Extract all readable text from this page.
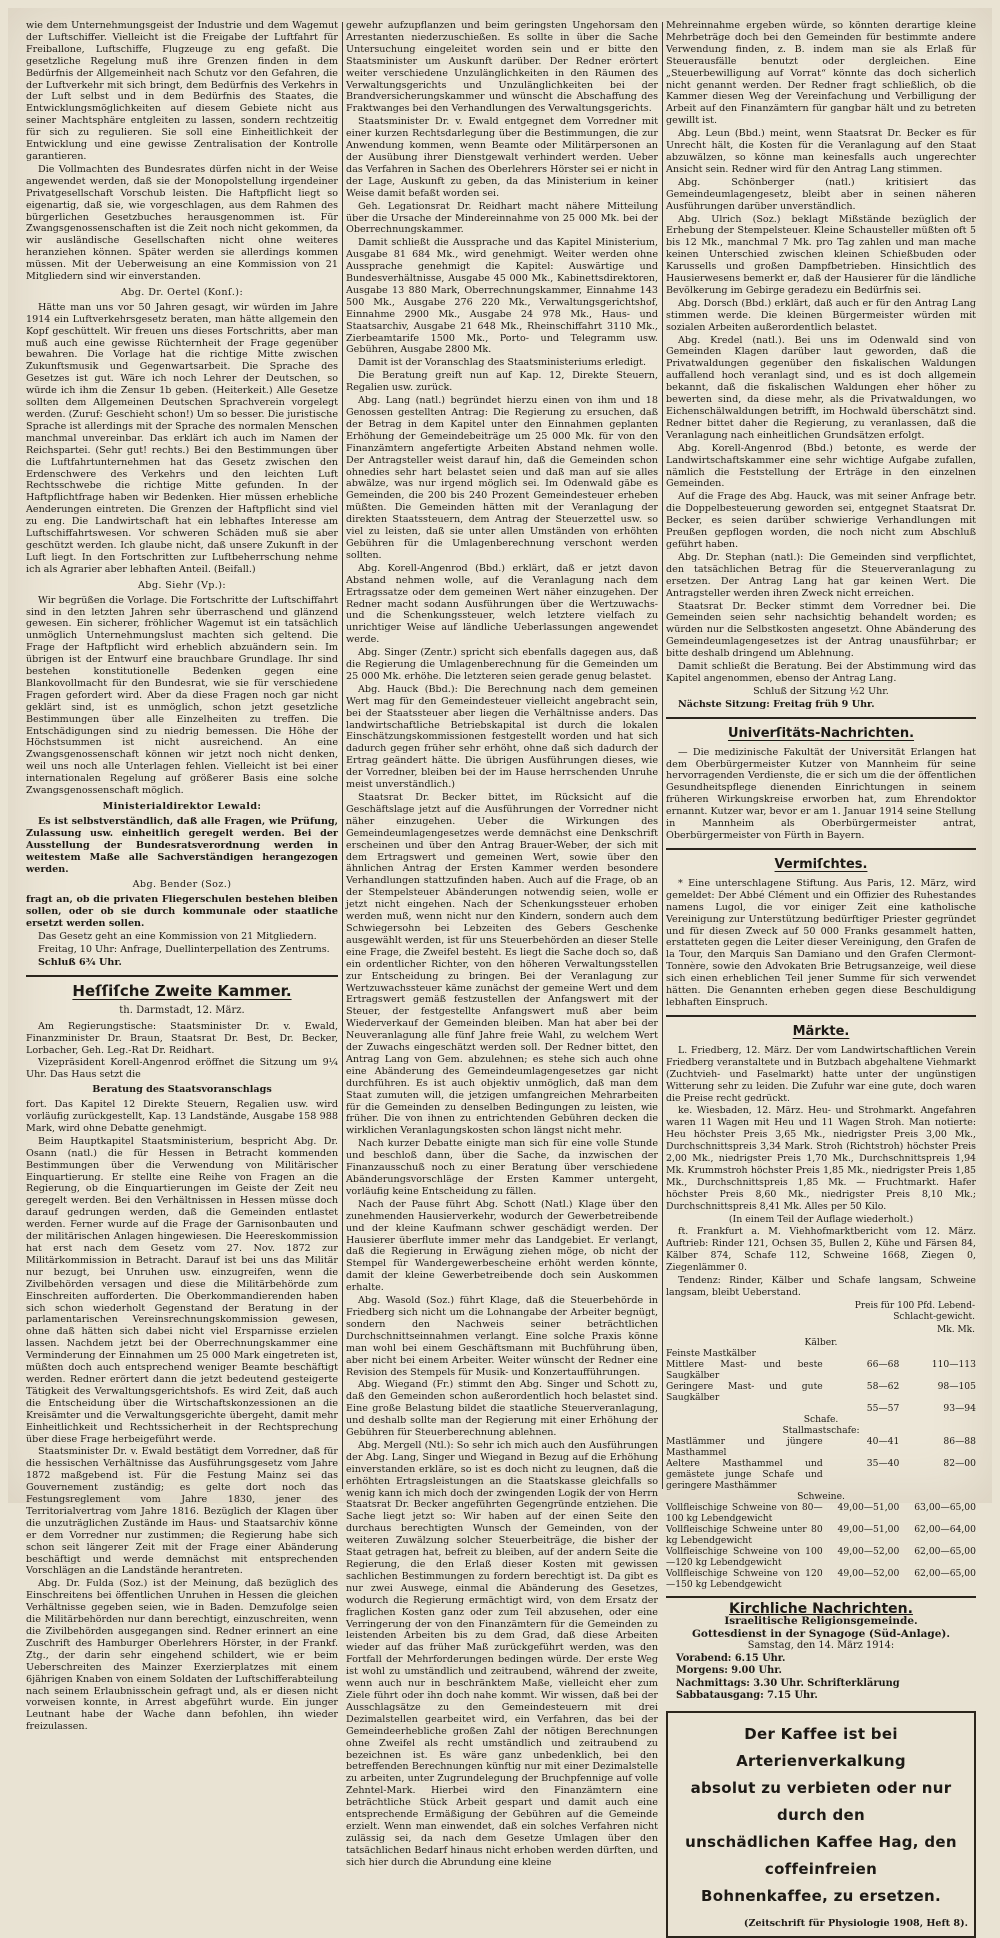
wie dem Unternehmungsgeist der Industrie und dem Wagemut der Luftschiffer. Vielleicht ist die Freigabe der Luftfahrt für Freiballone, Luftschiffe, Flugzeuge zu eng gefaßt. Die gesetzliche Regelung muß ihre Grenzen finden in dem Bedürfnis der Allgemeinheit nach Schutz vor den Gefahren, die der Luftverkehr mit sich bringt, dem Bedürfnis des Verkehrs in der Luft selbst und in dem Bedürfnis des Staates, die Entwicklungsmöglichkeiten auf diesem Gebiete nicht aus seiner Machtsphäre entgleiten zu lassen, sondern rechtzeitig für sich zu regulieren. Sie soll eine Einheitlichkeit der Entwicklung und eine gewisse Zentralisation der Kontrolle garantieren.

Die Vollmachten des Bundesrates dürfen nicht in der Weise angewendet werden, daß sie der Monopolstellung irgendeiner Privatgesellschaft Vorschub leisten. Die Haftpflicht liegt so eigenartig, daß sie, wie vorgeschlagen, aus dem Rahmen des bürgerlichen Gesetzbuches herausgenommen ist. Für Zwangsgenossenschaften ist die Zeit noch nicht gekommen, da wir ausländische Gesellschaften nicht ohne weiteres heranziehen können. Später werden sie allerdings kommen müssen. Mit der Ueberweisung an eine Kommission von 21 Mitgliedern sind wir einverstanden.

Abg. Dr. Oertel (Konſ.):

Hätte man uns vor 50 Jahren gesagt, wir würden im Jahre 1914 ein Luftverkehrsgesetz beraten, man hätte allgemein den Kopf geschüttelt. Wir freuen uns dieses Fortschritts, aber man muß auch eine gewisse Rüchternheit der Frage gegenüber bewahren. Die Vorlage hat die richtige Mitte zwischen Zukunftsmusik und Gegenwartsarbeit. Die Sprache des Gesetzes ist gut. Wäre ich noch Lehrer der Deutschen, so würde ich ihm die Zensur 1b geben. (Heiterkeit.) Alle Gesetze sollten dem Allgemeinen Deutschen Sprachverein vorgelegt werden. (Zuruf: Geschieht schon!) Um so besser. Die juristische Sprache ist allerdings mit der Sprache des normalen Menschen manchmal unvereinbar. Das erklärt ich auch im Namen der Reichspartei. (Sehr gut! rechts.) Bei den Bestimmungen über die Luftfahrtunternehmen hat das Gesetz zwischen den Erdenschwere des Verkehrs und den leichten Luft Rechtsschwebe die richtige Mitte gefunden. In der Haftpflichtfrage haben wir Bedenken. Hier müssen erhebliche Aenderungen eintreten. Die Grenzen der Haftpflicht sind viel zu eng. Die Landwirtschaft hat ein lebhaftes Interesse am Luftschiffahrtswesen. Vor schweren Schäden muß sie aber geschützt werden. Ich glaube nicht, daß unsere Zukunft in der Luft liegt. In den Fortschritten zur Luftbeherrschung nehme ich als Agrarier aber lebhaften Anteil. (Beifall.)

Abg. Siehr (Vp.):

Wir begrüßen die Vorlage. Die Fortschritte der Luftschiffahrt sind in den letzten Jahren sehr überraschend und glänzend gewesen. Ein sicherer, fröhlicher Wagemut ist ein tatsächlich unmöglich Unternehmungslust machten sich geltend. Die Frage der Haftpflicht wird erheblich abzuändern sein. Im übrigen ist der Entwurf eine brauchbare Grundlage. Ihr sind bestehen konstitutionelle Bedenken gegen eine Blankovollmacht für den Bundesrat, wie sie für verschiedene Fragen gefordert wird. Aber da diese Fragen noch gar nicht geklärt sind, ist es unmöglich, schon jetzt gesetzliche Bestimmungen über alle Einzelheiten zu treffen. Die Entschädigungen sind zu niedrig bemessen. Die Höhe der Höchstsummen ist nicht ausreichend. An eine Zwangsgenossenschaft können wir jetzt noch nicht denken, weil uns noch alle Unterlagen fehlen. Vielleicht ist bei einer internationalen Regelung auf größerer Basis eine solche Zwangsgenossenschaft möglich.

Ministerialdirektor Lewald:

Es ist selbstverständlich, daß alle Fragen, wie Prüfung, Zulassung usw. einheitlich geregelt werden. Bei der Ausstellung der Bundesratsverordnung werden in weitestem Maße alle Sachverständigen herangezogen werden.

Abg. Bender (Soz.)

fragt an, ob die privaten Fliegerschulen bestehen bleiben sollen, oder ob sie durch kommunale oder staatliche ersetzt werden sollen.

Das Gesetz geht an eine Kommission von 21 Mitgliedern.

Freitag, 10 Uhr: Anfrage, Duellinterpellation des Zentrums.

Schluß 6¾ Uhr.

Heſſiſche Zweite Kammer.
th. Darmstadt, 12. März.

Am Regierungstische: Staatsminister Dr. v. Ewald, Finanzminister Dr. Braun, Staatsrat Dr. Best, Dr. Becker, Lorbacher, Geh. Leg.-Rat Dr. Reidhart.

Vizepräsident Korell-Angenrod eröffnet die Sitzung um 9¼ Uhr. Das Haus setzt die

Beratung des Staatsvoranschlags

fort. Das Kapitel 12 Direkte Steuern, Regalien usw. wird vorläufig zurückgestellt, Kap. 13 Landstände, Ausgabe 158 988 Mark, wird ohne Debatte genehmigt.

Beim Hauptkapitel Staatsministerium, bespricht Abg. Dr. Osann (natl.) die für Hessen in Betracht kommenden Bestimmungen über die Verwendung von Militärischer Einquartierung. Er stellte eine Reihe von Fragen an die Regierung, ob die Einquartierungen im Geiste der Zeit neu geregelt werden. Bei den Verhältnissen in Hessen müsse doch darauf gedrungen werden, daß die Gemeinden entlastet werden. Ferner wurde auf die Frage der Garnisonbauten und der militärischen Anlagen hingewiesen. Die Heereskommission hat erst nach dem Gesetz vom 27. Nov. 1872 zur Militärkommission in Betracht. Darauf ist bei uns das Militär nur bezugt, bei Unruhen usw. einzugreifen, wenn die Zivilbehörden versagen und diese die Militärbehörde zum Einschreiten aufforderten. Die Oberkommandierenden haben sich schon wiederholt Gegenstand der Beratung in der parlamentarischen Vereinsrechnungskommission gewesen, ohne daß hätten sich dabei nicht viel Ersparnisse erzielen lassen. Nachdem jetzt bei der Oberrechnungskammer eine Verminderung der Einnahmen um 25 000 Mark eingetreten ist, müßten doch auch entsprechend weniger Beamte beschäftigt werden. Redner erörtert dann die jetzt bedeutend gesteigerte Tätigkeit des Verwaltungsgerichtshofs. Es wird Zeit, daß auch die Entscheidung über die Wirtschaftskonzessionen an die Kreisämter und die Verwaltungsgerichte übergeht, damit mehr Einheitlichkeit und Rechtssicherheit in der Rechtsprechung über diese Frage herbeigeführt werde.

Staatsminister Dr. v. Ewald bestätigt dem Vorredner, daß für die hessischen Verhältnisse das Ausführungsgesetz vom Jahre 1872 maßgebend ist. Für die Festung Mainz sei das Gouvernement zuständig; es gelte dort noch das Festungsreglement vom Jahre 1830, jener des Territorialvertrag vom Jahre 1816. Bezüglich der Klagen über die unzuträglichen Zustände im Haus- und Staatsarchiv könne er dem Vorredner nur zustimmen; die Regierung habe sich schon seit längerer Zeit mit der Frage einer Abänderung beschäftigt und werde demnächst mit entsprechenden Vorschlägen an die Landstände herantreten.

Abg. Dr. Fulda (Soz.) ist der Meinung, daß bezüglich des Einschreitens bei öffentlichen Unruhen in Hessen die gleichen Verhältnisse gegeben seien, wie in Baden. Demzufolge seien die Militärbehörden nur dann berechtigt, einzuschreiten, wenn die Zivilbehörden ausgegangen sind. Redner erinnert an eine Zuschrift des Hamburger Oberlehrers Hörster, in der Frankf. Ztg., der darin sehr eingehend schildert, wie er beim Ueberschreiten des Mainzer Exerzierplatzes mit einem 6jährigen Knaben von einem Soldaten der Luftschifferabteilung nach seinem Erlaubnisschein gefragt und, als er diesen nicht vorweisen konnte, in Arrest abgeführt wurde. Ein junger Leutnant habe der Wache dann befohlen, ihn wieder freizulassen.

gewehr aufzupflanzen und beim geringsten Ungehorsam den Arrestanten niederzuschießen. Es sollte in über die Sache Untersuchung eingeleitet worden sein und er bitte den Staatsminister um Auskunft darüber. Der Redner erörtert weiter verschiedene Unzulänglichkeiten in den Räumen des Verwaltungsgerichts und Unzulänglichkeiten bei der Brandversicherungskammer und wünscht die Abschaffung des Fraktwanges bei den Verhandlungen des Verwaltungsgerichts.

Staatsminister Dr. v. Ewald entgegnet dem Vorredner mit einer kurzen Rechtsdarlegung über die Bestimmungen, die zur Anwendung kommen, wenn Beamte oder Militärpersonen an der Ausübung ihrer Dienstgewalt verhindert werden. Ueber das Verfahren in Sachen des Oberlehrers Hörster sei er nicht in der Lage, Auskunft zu geben, da das Ministerium in keiner Weise damit befaßt worden sei.

Geh. Legationsrat Dr. Reidhart macht nähere Mitteilung über die Ursache der Mindereinnahme von 25 000 Mk. bei der Oberrechnungskammer.

Damit schließt die Aussprache und das Kapitel Ministerium, Ausgabe 81 684 Mk., wird genehmigt. Weiter werden ohne Aussprache genehmigt die Kapitel: Auswärtige und Bundesverhältnisse, Ausgabe 45 000 Mk., Kabinettsdirektoren, Ausgabe 13 880 Mark, Oberrechnungskammer, Einnahme 143 500 Mk., Ausgabe 276 220 Mk., Verwaltungsgerichtshof, Einnahme 2900 Mk., Ausgabe 24 978 Mk., Haus- und Staatsarchiv, Ausgabe 21 648 Mk., Rheinschiffahrt 3110 Mk., Zierbeamtarife 1500 Mk., Porto- und Telegramm usw. Gebühren, Ausgabe 2800 Mk.

Damit ist der Voranschlag des Staatsministeriums erledigt.

Die Beratung greift nun auf Kap. 12, Direkte Steuern, Regalien usw. zurück.

Abg. Lang (natl.) begründet hierzu einen von ihm und 18 Genossen gestellten Antrag: Die Regierung zu ersuchen, daß der Betrag in dem Kapitel unter den Einnahmen geplanten Erhöhung der Gemeindebeiträge um 25 000 Mk. für von den Finanzämtern angefertigte Arbeiten Abstand nehmen wolle. Der Antragsteller weist darauf hin, daß die Gemeinden schon ohnedies sehr hart belastet seien und daß man auf sie alles abwälze, was nur irgend möglich sei. Im Odenwald gäbe es Gemeinden, die 200 bis 240 Prozent Gemeindesteuer erheben müßten. Die Gemeinden hätten mit der Veranlagung der direkten Staatssteuern, dem Antrag der Steuerzettel usw. so viel zu leisten, daß sie unter allen Umständen von erhöhten Gebühren für die Umlagenberechnung verschont werden sollten.

Abg. Korell-Angenrod (Bbd.) erklärt, daß er jetzt davon Abstand nehmen wolle, auf die Veranlagung nach dem Ertragssatze oder dem gemeinen Wert näher einzugehen. Der Redner macht sodann Ausführungen über die Wertzuwachs- und die Schenkungssteuer, welch letztere vielfach zu unrichtiger Weise auf ländliche Ueberlassungen angewendet werde.

Abg. Singer (Zentr.) spricht sich ebenfalls dagegen aus, daß die Regierung die Umlagenberechnung für die Gemeinden um 25 000 Mk. erhöhe. Die letzteren seien gerade genug belastet.

Abg. Hauck (Bbd.): Die Berechnung nach dem gemeinen Wert mag für den Gemeindesteuer vielleicht angebracht sein, bei der Staatssteuer aber liegen die Verhältnisse anders. Das landwirtschaftliche Betriebskapital ist durch die lokalen Einschätzungskommissionen festgestellt worden und hat sich dadurch gegen früher sehr erhöht, ohne daß sich dadurch der Ertrag geändert hätte. Die übrigen Ausführungen dieses, wie der Vorredner, bleiben bei der im Hause herrschenden Unruhe meist unverständlich.)

Staatsrat Dr. Becker bittet, im Rücksicht auf die Geschäftslage jetzt auf die Ausführungen der Vorredner nicht näher einzugehen. Ueber die Wirkungen des Gemeindeumlagengesetzes werde demnächst eine Denkschrift erscheinen und über den Antrag Brauer-Weber, der sich mit dem Ertragswert und gemeinen Wert, sowie über den ähnlichen Antrag der Ersten Kammer werden besondere Verhandlungen stattzufinden haben. Auch auf die Frage, ob an der Stempelsteuer Abänderungen notwendig seien, wolle er jetzt nicht eingehen. Nach der Schenkungssteuer erhoben werden muß, wenn nicht nur den Kindern, sondern auch dem Schwiegersohn bei Lebzeiten des Gebers Geschenke ausgewählt werden, ist für uns Steuerbehörden an dieser Stelle eine Frage, die Zweifel besteht. Es liegt die Sache doch so, daß ein ordentlicher Richter, von den höheren Verwaltungsstellen zur Entscheidung zu bringen. Bei der Veranlagung zur Wertzuwachssteuer käme zunächst der gemeine Wert und dem Ertragswert gemäß festzustellen der Anfangswert mit der Steuer, der festgestellte Anfangswert muß aber beim Wiederverkauf der Gemeinden bleiben. Man hat aber bei der Neuveranlagung alle fünf Jahre freie Wahl, zu welchem Wert der Zuwachs eingeschätzt werden soll. Der Redner bittet, den Antrag Lang von Gem. abzulehnen; es stehe sich auch ohne eine Abänderung des Gemeindeumlagengesetzes gar nicht durchführen. Es ist auch objektiv unmöglich, daß man dem Staat zumuten will, die jetzigen umfangreichen Mehrarbeiten für die Gemeinden zu denselben Bedingungen zu leisten, wie früher. Die von ihnen zu entrichtenden Gebühren decken die wirklichen Veranlagungskosten schon längst nicht mehr.

Nach kurzer Debatte einigte man sich für eine volle Stunde und beschloß dann, über die Sache, da inzwischen der Finanzausschuß noch zu einer Beratung über verschiedene Abänderungsvorschläge der Ersten Kammer untergeht, vorläufig keine Entscheidung zu fällen.

Nach der Pause führt Abg. Schott (Natl.) Klage über den zunehmenden Hausierverkehr, wodurch der Gewerbetreibende und der kleine Kaufmann schwer geschädigt werden. Der Hausierer überflute immer mehr das Landgebiet. Er verlangt, daß die Regierung in Erwägung ziehen möge, ob nicht der Stempel für Wandergewerbescheine erhöht werden könnte, damit der kleine Gewerbetreibende doch sein Auskommen erhalte.

Abg. Wasold (Soz.) führt Klage, daß die Steuerbehörde in Friedberg sich nicht um die Lohnangabe der Arbeiter begnügt, sondern den Nachweis seiner beträchtlichen Durchschnittseinnahmen verlangt. Eine solche Praxis könne man wohl bei einem Geschäftsmann mit Buchführung üben, aber nicht bei einem Arbeiter. Weiter wünscht der Redner eine Revision des Stempels für Musik- und Konzertaufführungen.

Abg. Wiegand (Fr.) stimmt den Abg. Singer und Schott zu, daß den Gemeinden schon außerordentlich hoch belastet sind. Eine große Belastung bildet die staatliche Steuerveranlagung, und deshalb sollte man der Regierung mit einer Erhöhung der Gebühren für Steuerberechnung ablehnen.

Abg. Mergell (Ntl.): So sehr ich mich auch den Ausführungen der Abg. Lang, Singer und Wiegand in Bezug auf die Erhöhung einverstanden erkläre, so ist es doch nicht zu leugnen, daß die erhöhten Ertragsleistungen an die Staatskasse gleichfalls so wenig kann ich mich doch der zwingenden Logik der von Herrn Staatsrat Dr. Becker angeführten Gegengründe entziehen. Die Sache liegt jetzt so: Wir haben auf der einen Seite den durchaus berechtigten Wunsch der Gemeinden, von der weiteren Zuwälzung solcher Steuerbeiträge, die bisher der Staat getragen hat, befreit zu bleiben, auf der andern Seite die Regierung, die den Erlaß dieser Kosten mit gewissen sachlichen Bestimmungen zu fordern berechtigt ist. Da gibt es nur zwei Auswege, einmal die Abänderung des Gesetzes, wodurch die Regierung ermächtigt wird, von dem Ersatz der fraglichen Kosten ganz oder zum Teil abzusehen, oder eine Verringerung der von den Finanzämtern für die Gemeinden zu leistenden Arbeiten bis zu dem Grad, daß diese Arbeiten wieder auf das früher Maß zurückgeführt werden, was den Fortfall der Mehrforderungen bedingen würde. Der erste Weg ist wohl zu umständlich und zeitraubend, während der zweite, wenn auch nur in beschränktem Maße, vielleicht eher zum Ziele führt oder ihn doch nahe kommt. Wir wissen, daß bei der Ausschlagsätze zu den Gemeindesteuern mit drei Dezimalstellen gearbeitet wird, ein Verfahren, das bei der Gemeindeerhebliche großen Zahl der nötigen Berechnungen ohne Zweifel als recht umständlich und zeitraubend zu bezeichnen ist. Es wäre ganz unbedenklich, bei den betreffenden Berechnungen künftig nur mit einer Dezimalstelle zu arbeiten, unter Zugrundelegung der Bruchpfennige auf volle Zehntel-Mark. Hierbei wird den Finanzämtern eine beträchtliche Stück Arbeit gespart und damit auch eine entsprechende Ermäßigung der Gebühren auf die Gemeinde erzielt. Wenn man einwendet, daß ein solches Verfahren nicht zulässig sei, da nach dem Gesetze Umlagen über den tatsächlichen Bedarf hinaus nicht erhoben werden dürften, und sich hier durch die Abrundung eine kleine

Mehreinnahme ergeben würde, so könnten derartige kleine Mehrbeträge doch bei den Gemeinden für bestimmte andere Verwendung finden, z. B. indem man sie als Erlaß für Steuerausfälle benutzt oder dergleichen. Eine „Steuerbewilligung auf Vorrat“ könnte das doch sicherlich nicht genannt werden. Der Redner fragt schließlich, ob die Kammer diesen Weg der Vereinfachung und Verbilligung der Arbeit auf den Finanzämtern für gangbar hält und zu betreten gewillt ist.

Abg. Leun (Bbd.) meint, wenn Staatsrat Dr. Becker es für Unrecht hält, die Kosten für die Veranlagung auf den Staat abzuwälzen, so könne man keinesfalls auch ungerechter Ansicht sein. Redner wird für den Antrag Lang stimmen.

Abg. Schönberger (natl.) kritisiert das Gemeindeumlagengesetz, bleibt aber in seinen näheren Ausführungen darüber unverständlich.

Abg. Ulrich (Soz.) beklagt Mißstände bezüglich der Erhebung der Stempelsteuer. Kleine Schausteller müßten oft 5 bis 12 Mk., manchmal 7 Mk. pro Tag zahlen und man mache keinen Unterschied zwischen kleinen Schießbuden oder Karussells und großen Dampfbetrieben. Hinsichtlich des Hausierwesens bemerkt er, daß der Hausierer für die ländliche Bevölkerung im Gebirge geradezu ein Bedürfnis sei.

Abg. Dorsch (Bbd.) erklärt, daß auch er für den Antrag Lang stimmen werde. Die kleinen Bürgermeister würden mit sozialen Arbeiten außerordentlich belastet.

Abg. Kredel (natl.). Bei uns im Odenwald sind von Gemeinden Klagen darüber laut geworden, daß die Privatwaldungen gegenüber den fiskalischen Waldungen auffallend hoch veranlagt sind, und es ist doch allgemein bekannt, daß die fiskalischen Waldungen eher höher zu bewerten sind, da diese mehr, als die Privatwaldungen, wo Eichenschälwaldungen betrifft, im Hochwald überschätzt sind. Redner bittet daher die Regierung, zu veranlassen, daß die Veranlagung nach einheitlichen Grundsätzen erfolgt.

Abg. Korell-Angenrod (Bbd.) betonte, es werde der Landwirtschaftskammer eine sehr wichtige Aufgabe zufallen, nämlich die Feststellung der Erträge in den einzelnen Gemeinden.

Auf die Frage des Abg. Hauck, was mit seiner Anfrage betr. die Doppelbesteuerung geworden sei, entgegnet Staatsrat Dr. Becker, es seien darüber schwierige Verhandlungen mit Preußen gepflogen worden, die noch nicht zum Abschluß geführt haben.

Abg. Dr. Stephan (natl.): Die Gemeinden sind verpflichtet, den tatsächlichen Betrag für die Steuerveranlagung zu ersetzen. Der Antrag Lang hat gar keinen Wert. Die Antragsteller werden ihren Zweck nicht erreichen.

Staatsrat Dr. Becker stimmt dem Vorredner bei. Die Gemeinden seien sehr nachsichtig behandelt worden; es würden nur die Selbstkosten angesetzt. Ohne Abänderung des Gemeindeumlagengesetzes ist der Antrag unausführbar; er bitte deshalb dringend um Ablehnung.

Damit schließt die Beratung. Bei der Abstimmung wird das Kapitel angenommen, ebenso der Antrag Lang.

Schluß der Sitzung ½2 Uhr.

Nächste Sitzung: Freitag früh 9 Uhr.

Univerſitäts-Nachrichten.

— Die medizinische Fakultät der Universität Erlangen hat dem Oberbürgermeister Kutzer von Mannheim für seine hervorragenden Verdienste, die er sich um die der öffentlichen Gesundheitspflege dienenden Einrichtungen in seinem früheren Wirkungskreise erworben hat, zum Ehrendoktor ernannt. Kutzer war, bevor er am 1. Januar 1914 seine Stellung in Mannheim als Oberbürgermeister antrat, Oberbürgermeister von Fürth in Bayern.

Vermiſchtes.

* Eine unterschlagene Stiftung. Aus Paris, 12. März, wird gemeldet: Der Abbé Clément und ein Offizier des Ruhestandes namens Lugol, die vor einiger Zeit eine katholische Vereinigung zur Unterstützung bedürftiger Priester gegründet und für diesen Zweck auf 50 000 Franks gesammelt hatten, erstatteten gegen die Leiter dieser Vereinigung, den Grafen de la Tour, den Marquis San Damiano und den Grafen Clermont-Tonnère, sowie den Advokaten Brie Betrugsanzeige, weil diese sich einen erheblichen Teil jener Summe für sich verwendet hätten. Die Genannten erheben gegen diese Beschuldigung lebhaften Einspruch.

Märkte.

L. Friedberg, 12. März. Der vom Landwirtschaftlichen Verein Friedberg veranstaltete und in Butzbach abgehaltene Viehmarkt (Zuchtvieh- und Faselmarkt) hatte unter der ungünstigen Witterung sehr zu leiden. Die Zufuhr war eine gute, doch waren die Preise recht gedrückt.

ke. Wiesbaden, 12. März. Heu- und Strohmarkt. Angefahren waren 11 Wagen mit Heu und 11 Wagen Stroh. Man notierte: Heu höchster Preis 3,65 Mk., niedrigster Preis 3,00 Mk., Durchschnittspreis 3,34 Mark. Stroh (Richtstroh) höchster Preis 2,00 Mk., niedrigster Preis 1,70 Mk., Durchschnittspreis 1,94 Mk. Krummstroh höchster Preis 1,85 Mk., niedrigster Preis 1,85 Mk., Durchschnittspreis 1,85 Mk. — Fruchtmarkt. Hafer höchster Preis 8,60 Mk., niedrigster Preis 8,10 Mk.; Durchschnittspreis 8,41 Mk. Alles per 50 Kilo.

(In einem Teil der Auflage wiederholt.)

ft. Frankfurt a. M. Viehhofmarktbericht vom 12. März. Auftrieb: Rinder 121, Ochsen 35, Bullen 2, Kühe und Färsen 84, Kälber 874, Schafe 112, Schweine 1668, Ziegen 0, Ziegenlämmer 0.

Tendenz: Rinder, Kälber und Schafe langsam, Schweine langsam, bleibt Ueberstand.

	Preis für 100 Pfd. Lebend- Schlacht-gewicht.	
	Mk. Mk.	
Kälber.		
Feinste Mastkälber		
Mittlere Mast- und beste Saugkälber	66—68	110—113
Geringere Mast- und gute Saugkälber	58—62	98—105
	55—57	93—94
Schafe.		
Stallmastschafe:		
Mastlämmer und jüngere Masthammel	40—41	86—88
Aeltere Masthammel und gemästete junge Schafe und geringere Masthämmer	35—40	82—00
Schweine.		
Vollfleischige Schweine von 80—100 kg Lebendgewicht	49,00—51,00	63,00—65,00
Vollfleischige Schweine unter 80 kg Lebendgewicht	49,00—51,00	62,00—64,00
Vollfleischige Schweine von 100—120 kg Lebendgewicht	49,00—52,00	62,00—65,00
Vollfleischige Schweine von 120—150 kg Lebendgewicht	49,00—52,00	62,00—65,00
Kirchliche Nachrichten.
Israelitische Religionsgemeinde.
Gottesdienst in der Synagoge (Süd-Anlage).
Samstag, den 14. März 1914:
Vorabend: 6.15 Uhr.
Morgens: 9.00 Uhr.
Nachmittags: 3.30 Uhr. Schrifterklärung
Sabbatausgang: 7.15 Uhr.
Der Kaffee ist bei Arterienverkalkung
absolut zu verbieten oder nur durch den
unschädlichen Kaffee Hag, den coffeinfreien
Bohnenkaffee, zu ersetzen.
(Zeitschrift für Physiologie 1908, Heft 8).
